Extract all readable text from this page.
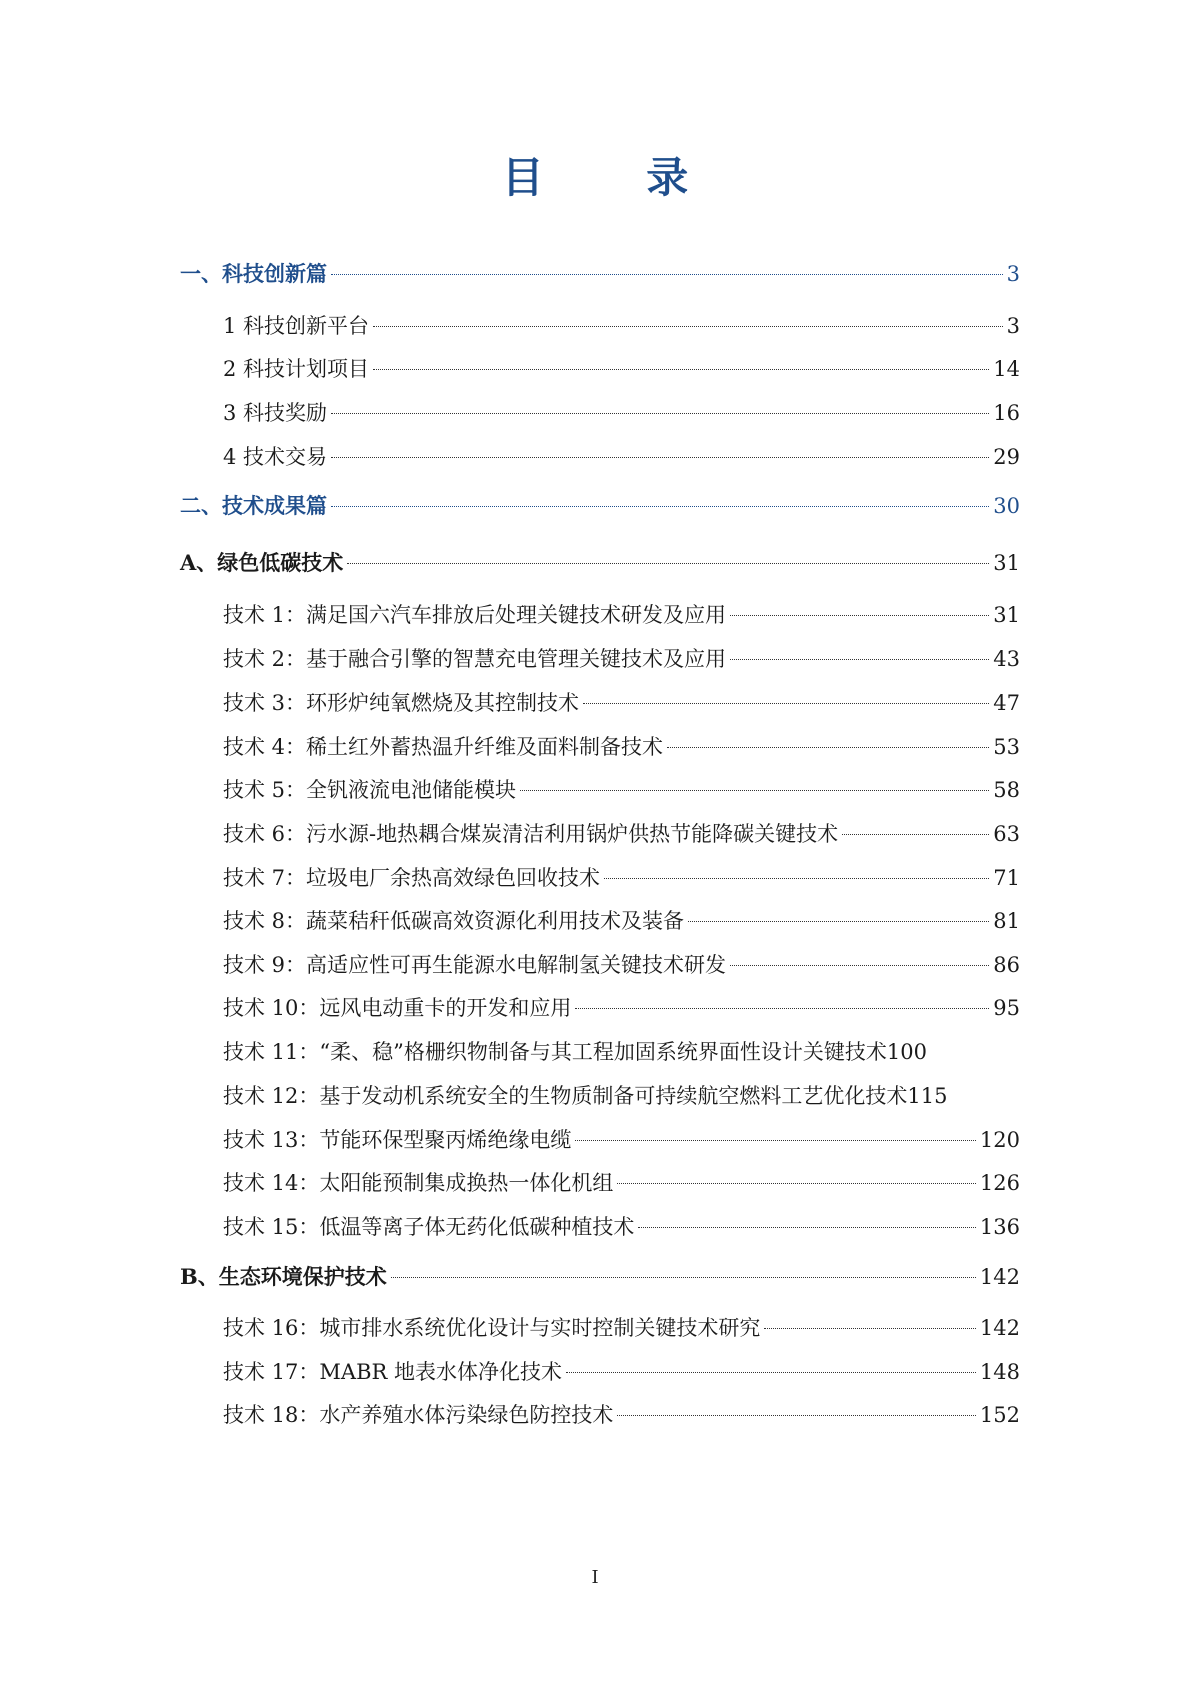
目 录
一、科技创新篇	3
1 科技创新平台	3
2 科技计划项目	14
3 科技奖励	16
4 技术交易	29
二、技术成果篇	30
A、绿色低碳技术	31
技术 1：满足国六汽车排放后处理关键技术研发及应用	31
技术 2：基于融合引擎的智慧充电管理关键技术及应用	43
技术 3：环形炉纯氧燃烧及其控制技术	47
技术 4：稀土红外蓄热温升纤维及面料制备技术	53
技术 5：全钒液流电池储能模块	58
技术 6：污水源-地热耦合煤炭清洁利用锅炉供热节能降碳关键技术	63
技术 7：垃圾电厂余热高效绿色回收技术	71
技术 8：蔬菜秸秆低碳高效资源化利用技术及装备	81
技术 9：高适应性可再生能源水电解制氢关键技术研发	86
技术 10：远风电动重卡的开发和应用	95
技术 11：“柔、稳”格栅织物制备与其工程加固系统界面性设计关键技术 100
技术 12：基于发动机系统安全的生物质制备可持续航空燃料工艺优化技术 115
技术 13：节能环保型聚丙烯绝缘电缆	120
技术 14：太阳能预制集成换热一体化机组	126
技术 15：低温等离子体无药化低碳种植技术	136
B、生态环境保护技术	142
技术 16：城市排水系统优化设计与实时控制关键技术研究	142
技术 17：MABR 地表水体净化技术	148
技术 18：水产养殖水体污染绿色防控技术	152
I
